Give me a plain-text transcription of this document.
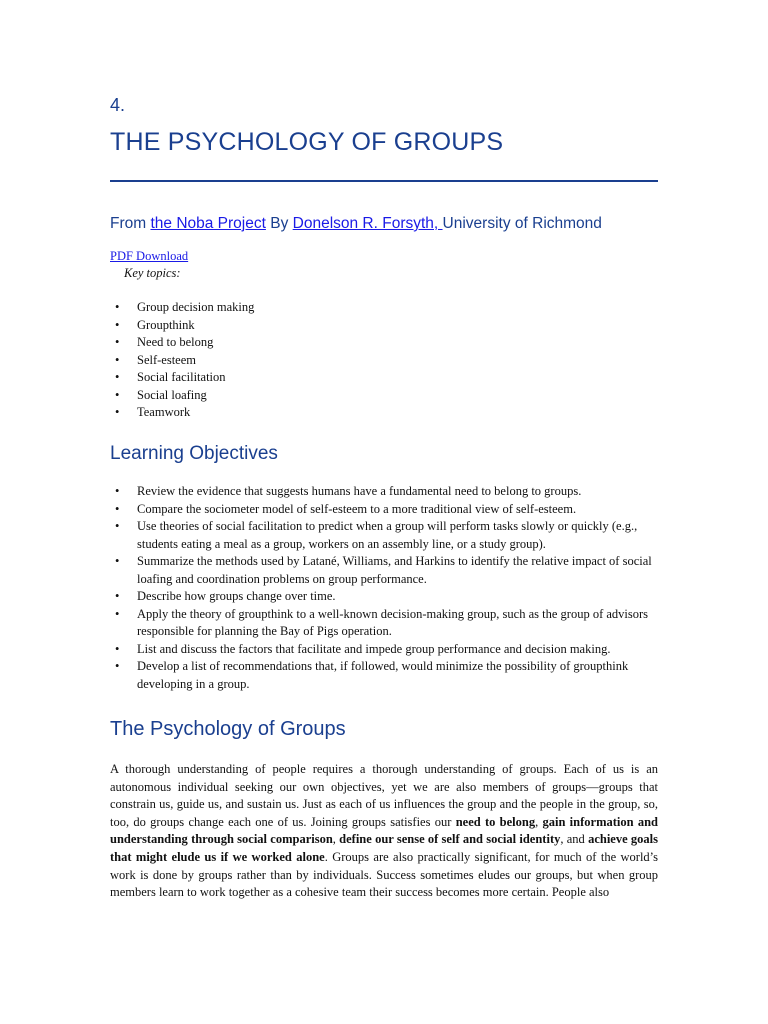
4.
THE PSYCHOLOGY OF GROUPS

From the Noba Project By Donelson R. Forsyth, University of Richmond

PDF Download

Key topics:

• Group decision making
• Groupthink
• Need to belong
• Self-esteem
• Social facilitation
• Social loafing
• Teamwork
Learning Objectives
• Review the evidence that suggests humans have a fundamental need to belong to groups.
• Compare the sociometer model of self-esteem to a more traditional view of self-esteem.
• Use theories of social facilitation to predict when a group will perform tasks slowly or quickly (e.g., students eating a meal as a group, workers on an assembly line, or a study group).
• Summarize the methods used by Latané, Williams, and Harkins to identify the relative impact of social loafing and coordination problems on group performance.
• Describe how groups change over time.
• Apply the theory of groupthink to a well-known decision-making group, such as the group of advisors responsible for planning the Bay of Pigs operation.
• List and discuss the factors that facilitate and impede group performance and decision making.
• Develop a list of recommendations that, if followed, would minimize the possibility of groupthink developing in a group.
The Psychology of Groups

A thorough understanding of people requires a thorough understanding of groups. Each of us is an autonomous individual seeking our own objectives, yet we are also members of groups—groups that constrain us, guide us, and sustain us. Just as each of us influences the group and the people in the group, so, too, do groups change each one of us. Joining groups satisfies our need to belong, gain information and understanding through social comparison, define our sense of self and social identity, and achieve goals that might elude us if we worked alone. Groups are also practically significant, for much of the world’s work is done by groups rather than by individuals. Success sometimes eludes our groups, but when group members learn to work together as a cohesive team their success becomes more certain. People also
